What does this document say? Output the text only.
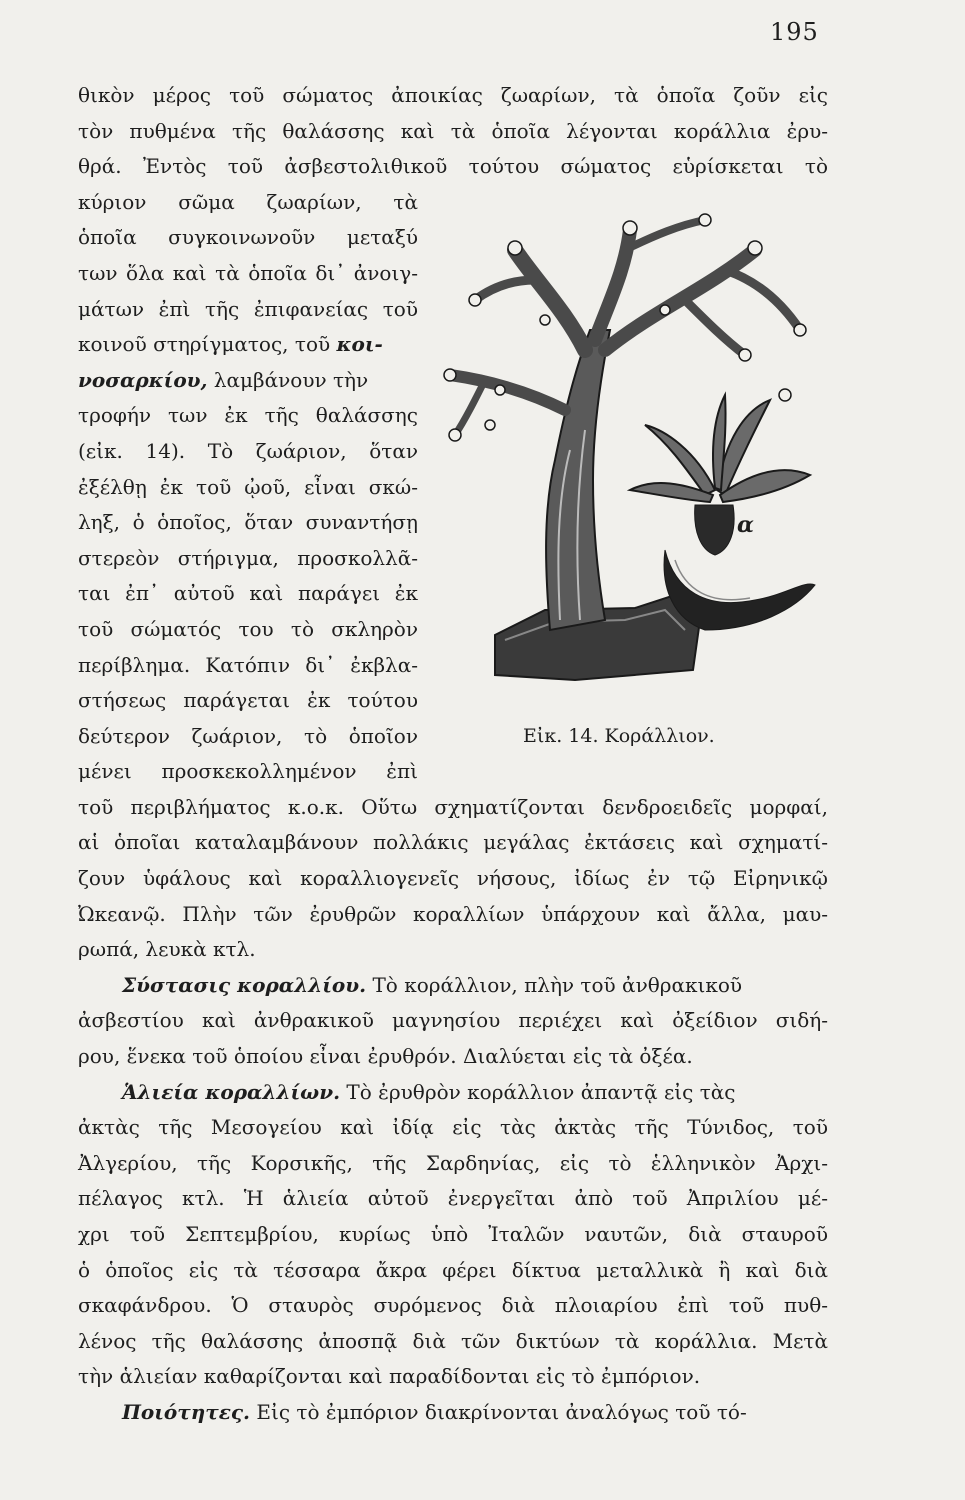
195
θικὸν μέρος τοῦ σώματος ἀποικίας ζωαρίων, τὰ ὁποῖα ζοῦν εἰς
τὸν πυθμένα τῆς θαλάσσης καὶ τὰ ὁποῖα λέγονται κοράλλια ἐρυ-
θρά. Ἐντὸς τοῦ ἀσβεστολιθικοῦ τούτου σώματος εὑρίσκεται τὸ
κύριον σῶμα ζωαρίων, τὰ
ὁποῖα συγκοινωνοῦν μεταξύ
των ὅλα καὶ τὰ ὁποῖα δι᾽ ἀνοιγ-
μάτων ἐπὶ τῆς ἐπιφανείας τοῦ
κοινοῦ στηρίγματος, τοῦ κοι-
νοσαρκίου, λαμβάνουν τὴν
τροφήν των ἐκ τῆς θαλάσσης
(εἰκ. 14). Τὸ ζωάριον, ὅταν
ἐξέλθῃ ἐκ τοῦ ᾠοῦ, εἶναι σκώ-
ληξ, ὁ ὁποῖος, ὅταν συναντήσῃ
στερεὸν στήριγμα, προσκολλᾶ-
ται ἐπ᾽ αὐτοῦ καὶ παράγει ἐκ
τοῦ σώματός του τὸ σκληρὸν
περίβλημα. Κατόπιν δι᾽ ἐκβλα-
στήσεως παράγεται ἐκ τούτου
δεύτερον ζωάριον, τὸ ὁποῖον
μένει προσκεκολλημένον ἐπὶ
τοῦ περιβλήματος κ.ο.κ. Οὕτω σχηματίζονται δενδροειδεῖς μορφαί,
αἱ ὁποῖαι καταλαμβάνουν πολλάκις μεγάλας ἐκτάσεις καὶ σχηματί-
ζουν ὑφάλους καὶ κοραλλιογενεῖς νήσους, ἰδίως ἐν τῷ Εἰρηνικῷ
Ὠκεανῷ. Πλὴν τῶν ἐρυθρῶν κοραλλίων ὑπάρχουν καὶ ἄλλα, μαυ-
ρωπά, λευκὰ κτλ.
Σύστασις κοραλλίου. Τὸ κοράλλιον, πλὴν τοῦ ἀνθρακικοῦ
ἀσβεστίου καὶ ἀνθρακικοῦ μαγνησίου περιέχει καὶ ὀξείδιον σιδή-
ρου, ἕνεκα τοῦ ὁποίου εἶναι ἐρυθρόν. Διαλύεται εἰς τὰ ὀξέα.
Ἁλιεία κοραλλίων. Τὸ ἐρυθρὸν κοράλλιον ἀπαντᾷ εἰς τὰς
ἀκτὰς τῆς Μεσογείου καὶ ἰδίᾳ εἰς τὰς ἀκτὰς τῆς Τύνιδος, τοῦ
Ἀλγερίου, τῆς Κορσικῆς, τῆς Σαρδηνίας, εἰς τὸ ἑλληνικὸν Ἀρχι-
πέλαγος κτλ. Ἡ ἁλιεία αὐτοῦ ἐνεργεῖται ἀπὸ τοῦ Ἀπριλίου μέ-
χρι τοῦ Σεπτεμβρίου, κυρίως ὑπὸ Ἰταλῶν ναυτῶν, διὰ σταυροῦ
ὁ ὁποῖος εἰς τὰ τέσσαρα ἄκρα φέρει δίκτυα μεταλλικὰ ἢ καὶ διὰ
σκαφάνδρου. Ὁ σταυρὸς συρόμενος διὰ πλοιαρίου ἐπὶ τοῦ πυθ-
λένος τῆς θαλάσσης ἀποσπᾷ διὰ τῶν δικτύων τὰ κοράλλια. Μετὰ
τὴν ἁλιείαν καθαρίζονται καὶ παραδίδονται εἰς τὸ ἐμπόριον.
Ποιότητες. Εἰς τὸ ἐμπόριον διακρίνονται ἀναλόγως τοῦ τό-
α
Εἰκ. 14. Κοράλλιον.
